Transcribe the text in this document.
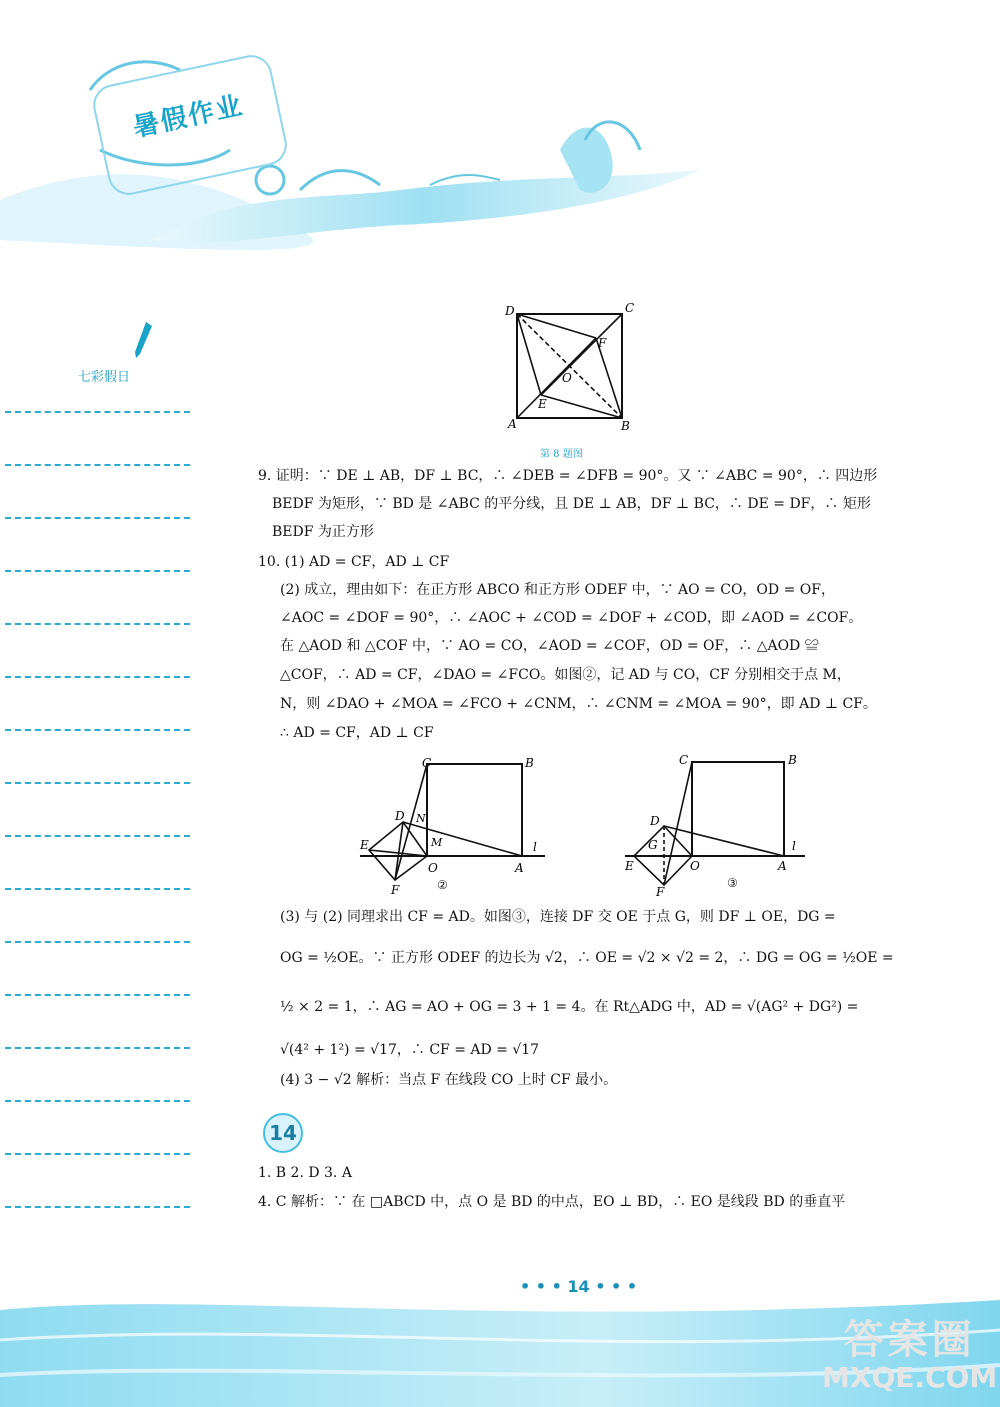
暑假作业
七彩假日
D	C
A	B
F
E
O
第 8 题图
9. 证明：∵ DE ⊥ AB，DF ⊥ BC，∴ ∠DEB = ∠DFB = 90°。又 ∵ ∠ABC = 90°，∴ 四边形
BEDF 为矩形，∵ BD 是 ∠ABC 的平分线，且 DE ⊥ AB，DF ⊥ BC，∴ DE = DF，∴ 矩形
BEDF 为正方形
10. (1) AD = CF，AD ⊥ CF
(2) 成立，理由如下：在正方形 ABCO 和正方形 ODEF 中，∵ AO = CO，OD = OF，
∠AOC = ∠DOF = 90°，∴ ∠AOC + ∠COD = ∠DOF + ∠COD，即 ∠AOD = ∠COF。
在 △AOD 和 △COF 中，∵ AO = CO，∠AOD = ∠COF，OD = OF，∴ △AOD ≌
△COF，∴ AD = CF，∠DAO = ∠FCO。如图②，记 AD 与 CO，CF 分别相交于点 M，
N，则 ∠DAO + ∠MOA = ∠FCO + ∠CNM，∴ ∠CNM = ∠MOA = 90°，即 AD ⊥ CF。
∴ AD = CF，AD ⊥ CF
C	B
D N
M
E
O	A
l
F	②
C	B
D
G
E	O	A
l
F
③
(3) 与 (2) 同理求出 CF = AD。如图③，连接 DF 交 OE 于点 G，则 DF ⊥ OE，DG =
OG = ½OE。∵ 正方形 ODEF 的边长为 √2，∴ OE = √2 × √2 = 2，∴ DG = OG = ½OE =
½ × 2 = 1，∴ AG = AO + OG = 3 + 1 = 4。在 Rt△ADG 中，AD = √(AG² + DG²) =
√(4² + 1²) = √17，∴ CF = AD = √17
(4) 3 − √2 解析：当点 F 在线段 CO 上时 CF 最小。
14
1. B 2. D 3. A
4. C 解析：∵ 在 □ABCD 中，点 O 是 BD 的中点，EO ⊥ BD，∴ EO 是线段 BD 的垂直平
• • • 14 • • •
答案圈
MXQE.COM
